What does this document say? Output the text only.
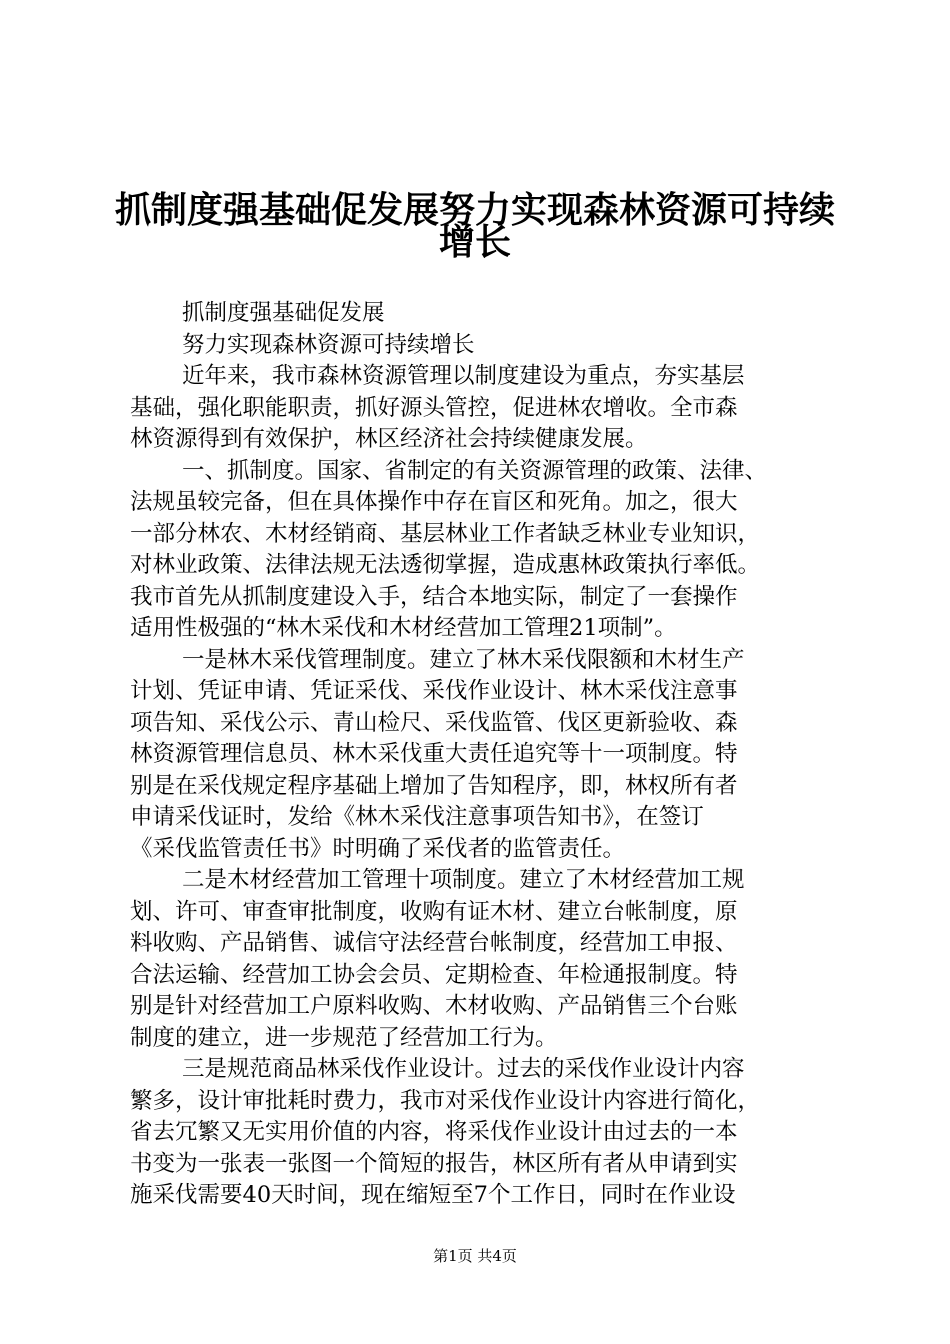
抓制度强基础促发展努力实现森林资源可持续
增长
抓制度强基础促发展
努力实现森林资源可持续增长
近年来，我市森林资源管理以制度建设为重点，夯实基层
基础，强化职能职责，抓好源头管控，促进林农增收。全市森
林资源得到有效保护，林区经济社会持续健康发展。
一、抓制度。国家、省制定的有关资源管理的政策、法律、
法规虽较完备，但在具体操作中存在盲区和死角。加之，很大
一部分林农、木材经销商、基层林业工作者缺乏林业专业知识，
对林业政策、法律法规无法透彻掌握，造成惠林政策执行率低。
我市首先从抓制度建设入手，结合本地实际，制定了一套操作
适用性极强的“林木采伐和木材经营加工管理21项制”。
一是林木采伐管理制度。建立了林木采伐限额和木材生产
计划、凭证申请、凭证采伐、采伐作业设计、林木采伐注意事
项告知、采伐公示、青山检尺、采伐监管、伐区更新验收、森
林资源管理信息员、林木采伐重大责任追究等十一项制度。特
别是在采伐规定程序基础上增加了告知程序，即，林权所有者
申请采伐证时，发给《林木采伐注意事项告知书》，在签订
《采伐监管责任书》时明确了采伐者的监管责任。
二是木材经营加工管理十项制度。建立了木材经营加工规
划、许可、审查审批制度，收购有证木材、建立台帐制度，原
料收购、产品销售、诚信守法经营台帐制度，经营加工申报、
合法运输、经营加工协会会员、定期检查、年检通报制度。特
别是针对经营加工户原料收购、木材收购、产品销售三个台账
制度的建立，进一步规范了经营加工行为。
三是规范商品林采伐作业设计。过去的采伐作业设计内容
繁多，设计审批耗时费力，我市对采伐作业设计内容进行简化，
省去冗繁又无实用价值的内容，将采伐作业设计由过去的一本
书变为一张表一张图一个简短的报告，林区所有者从申请到实
施采伐需要40天时间，现在缩短至7个工作日，同时在作业设
第1页 共4页
